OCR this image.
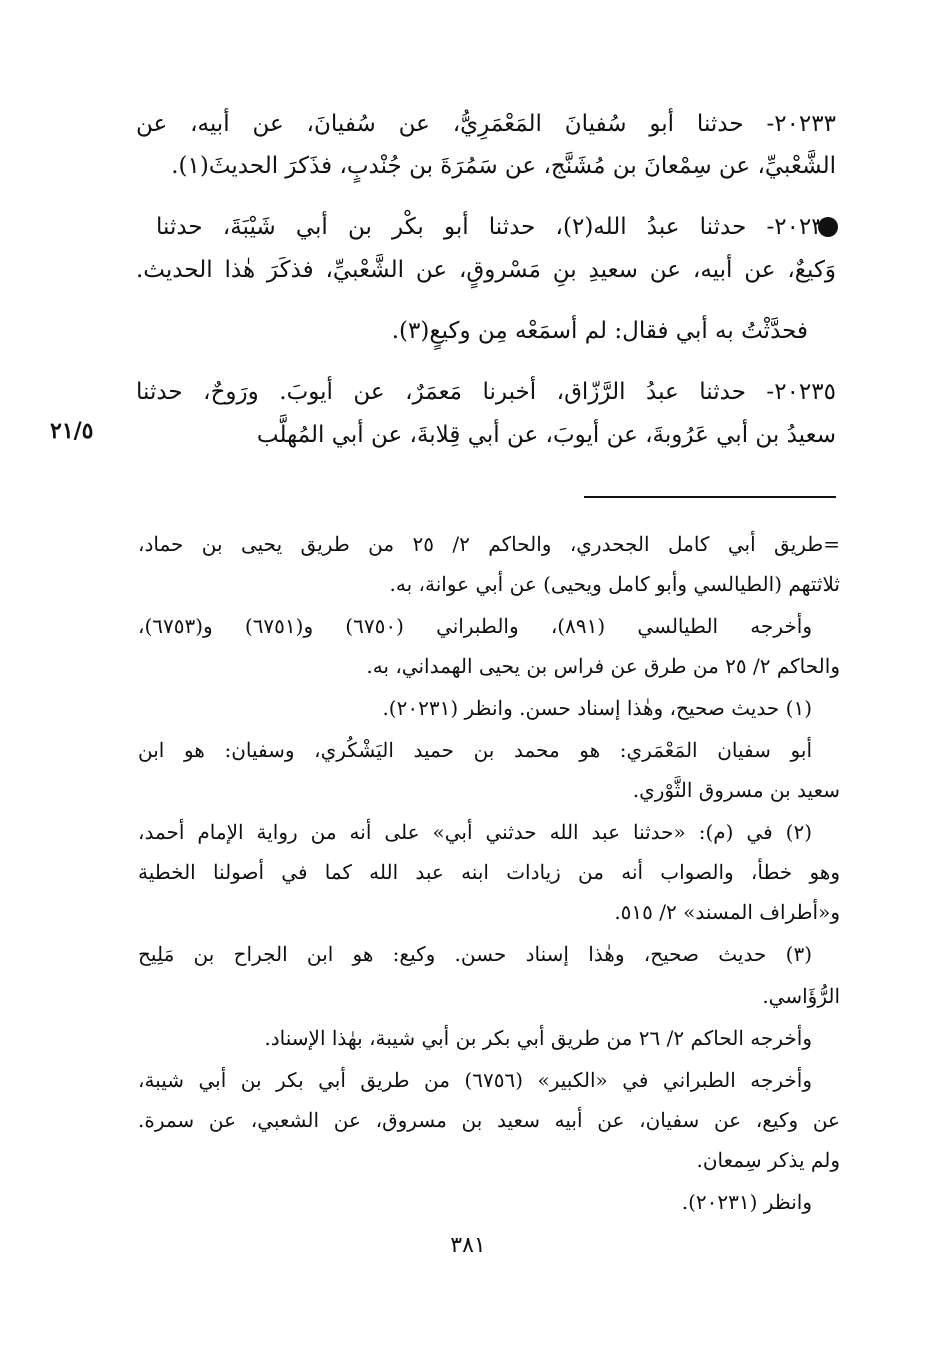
٢٠٢٣٣- حدثنا أبو سُفيانَ المَعْمَرِيُّ، عن سُفيانَ، عن أبيه، عن
الشَّعْبيِّ، عن سِمْعانَ بن مُشَنَّج، عن سَمُرَةَ بن جُنْدبٍ، فذَكرَ الحديثَ(١).
٢٠٢٣٤- حدثنا عبدُ الله(٢)، حدثنا أبو بكْر بن أبي شَيْبَةَ، حدثنا
وَكيعٌ، عن أبيه، عن سعيدِ بنِ مَسْروقٍ، عن الشَّعْبيِّ، فذكَرَ هٰذا الحديث.
فحدَّثْتُ به أبي فقال: لم أسمَعْه مِن وكيعٍ(٣).
٢٠٢٣٥- حدثنا عبدُ الرَّزّاق، أخبرنا مَعمَرٌ، عن أيوبَ. ورَوحٌ، حدثنا
سعيدُ بن أبي عَرُوبةَ، عن أيوبَ، عن أبي قِلابةَ، عن أبي المُهلَّب
٢١/٥
=طريق أبي كامل الجحدري، والحاكم ٢/ ٢٥ من طريق يحيى بن حماد،
ثلاثتهم (الطيالسي وأبو كامل ويحيى) عن أبي عوانة، به.
وأخرجه الطيالسي (٨٩١)، والطبراني (٦٧٥٠) و(٦٧٥١) و(٦٧٥٣)،
والحاكم ٢/ ٢٥ من طرق عن فراس بن يحيى الهمداني، به.
(١) حديث صحيح، وهٰذا إسناد حسن. وانظر (٢٠٢٣١).
أبو سفيان المَعْمَري: هو محمد بن حميد اليَشْكُري، وسفيان: هو ابن
سعيد بن مسروق الثَّوْري.
(٢) في (م): «حدثنا عبد الله حدثني أبي» على أنه من رواية الإمام أحمد،
وهو خطأ، والصواب أنه من زيادات ابنه عبد الله كما في أصولنا الخطية
و«أطراف المسند» ٢/ ٥١٥.
(٣) حديث صحيح، وهٰذا إسناد حسن. وكيع: هو ابن الجراح بن مَلِيح
الرُّؤَاسي.
وأخرجه الحاكم ٢/ ٢٦ من طريق أبي بكر بن أبي شيبة، بهٰذا الإسناد.
وأخرجه الطبراني في «الكبير» (٦٧٥٦) من طريق أبي بكر بن أبي شيبة،
عن وكيع، عن سفيان، عن أبيه سعيد بن مسروق، عن الشعبي، عن سمرة.
ولم يذكر سِمعان.
وانظر (٢٠٢٣١).
٣٨١
